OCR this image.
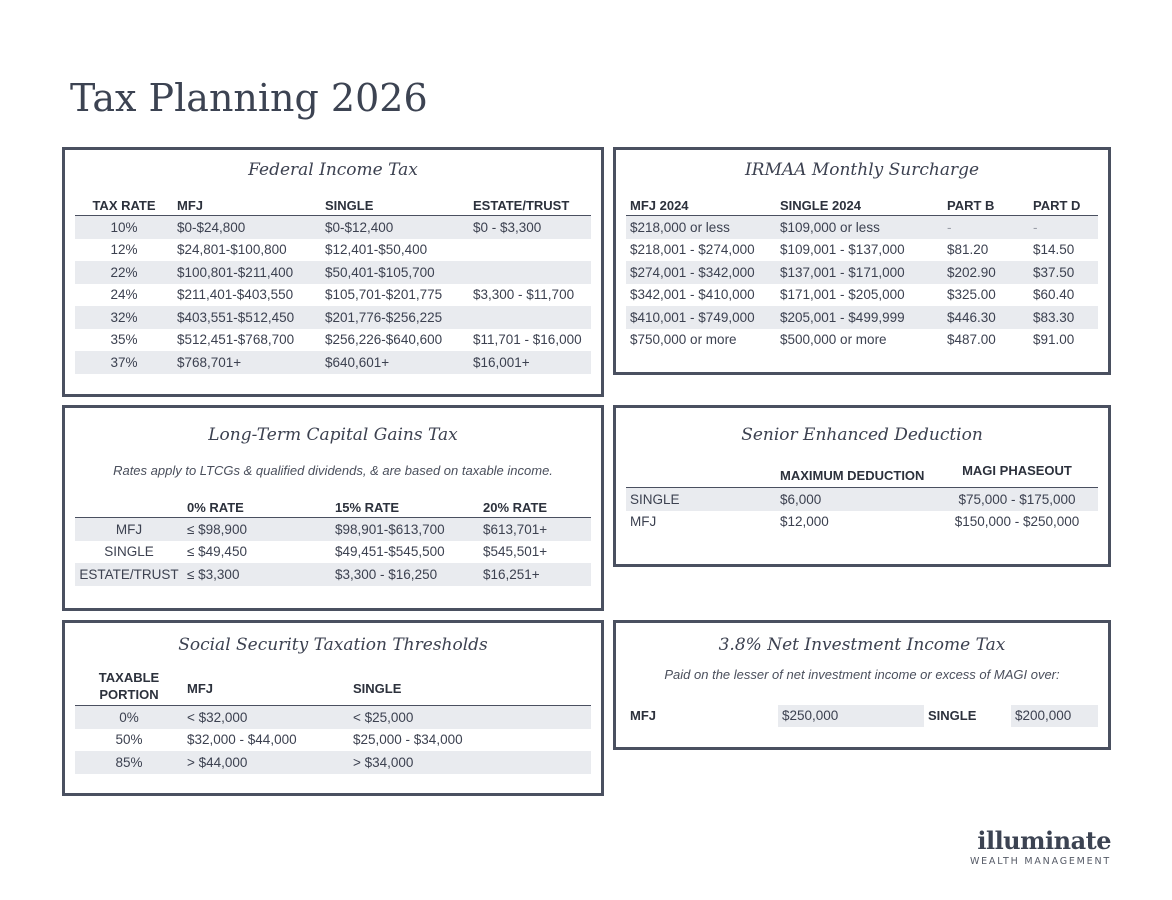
Tax Planning 2026
Federal Income Tax
TAX RATE	MFJ	SINGLE	ESTATE/TRUST
10%	$0-$24,800	$0-$12,400	$0 - $3,300
12%	$24,801-$100,800	$12,401-$50,400	
22%	$100,801-$211,400	$50,401-$105,700	
24%	$211,401-$403,550	$105,701-$201,775	$3,300 - $11,700
32%	$403,551-$512,450	$201,776-$256,225	
35%	$512,451-$768,700	$256,226-$640,600	$11,701 - $16,000
37%	$768,701+	$640,601+	$16,001+
IRMAA Monthly Surcharge
MFJ 2024	SINGLE 2024	PART B	PART D
$218,000 or less	$109,000 or less	-	-
$218,001 - $274,000	$109,001 - $137,000	$81.20	$14.50
$274,001 - $342,000	$137,001 - $171,000	$202.90	$37.50
$342,001 - $410,000	$171,001 - $205,000	$325.00	$60.40
$410,001 - $749,000	$205,001 - $499,999	$446.30	$83.30
$750,000 or more	$500,000 or more	$487.00	$91.00
Long-Term Capital Gains Tax
Rates apply to LTCGs & qualified dividends, & are based on taxable income.
	0% RATE	15% RATE	20% RATE
MFJ	≤ $98,900	$98,901-$613,700	$613,701+
SINGLE	≤ $49,450	$49,451-$545,500	$545,501+
ESTATE/TRUST	≤ $3,300	$3,300 - $16,250	$16,251+
Senior Enhanced Deduction
	MAXIMUM DEDUCTION	MAGI PHASEOUT
SINGLE	$6,000	$75,000 - $175,000
MFJ	$12,000	$150,000 - $250,000
Social Security Taxation Thresholds
TAXABLE PORTION	MFJ	SINGLE
0%	< $32,000	< $25,000
50%	$32,000 - $44,000	$25,000 - $34,000
85%	> $44,000	> $34,000
3.8% Net Investment Income Tax
Paid on the lesser of net investment income or excess of MAGI over:
MFJ	$250,000	SINGLE	$200,000
illuminate
WEALTH MANAGEMENT
